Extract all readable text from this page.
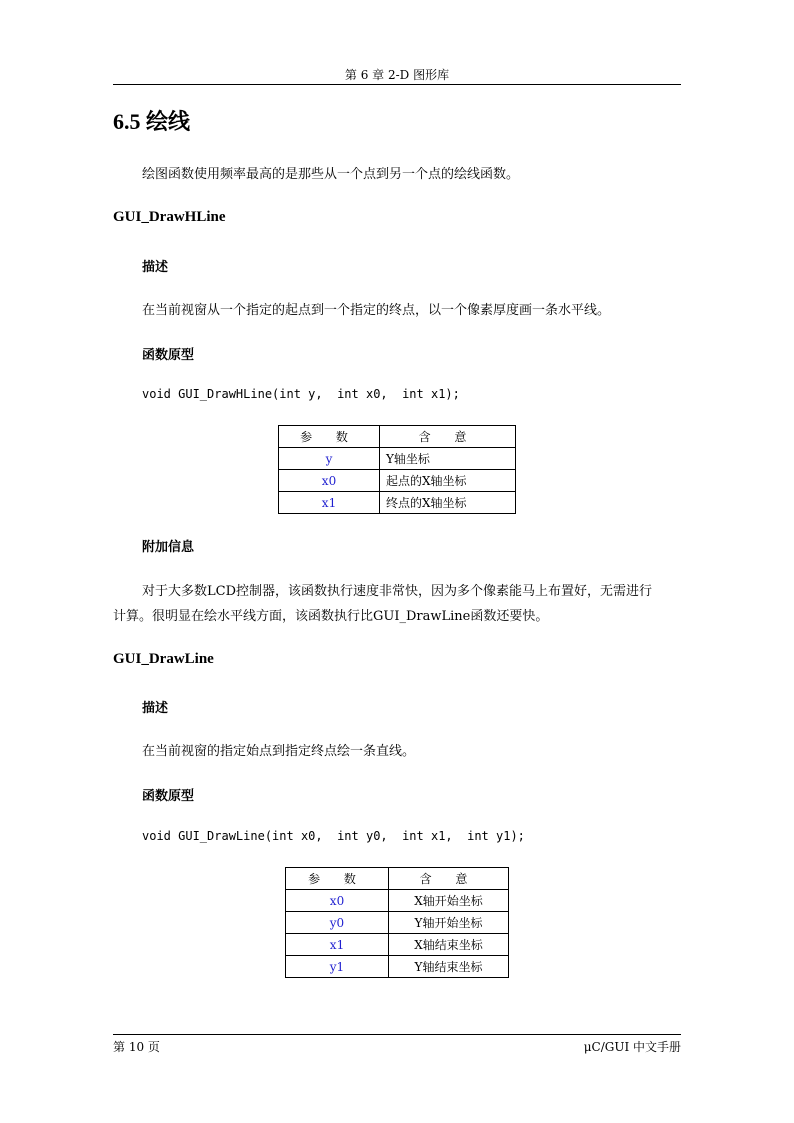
第 6 章 2-D 图形库
6.5 绘线
绘图函数使用频率最高的是那些从一个点到另一个点的绘线函数。
GUI_DrawHLine
描述
在当前视窗从一个指定的起点到一个指定的终点，以一个像素厚度画一条水平线。
函数原型
void GUI_DrawHLine(int y,  int x0,  int x1);
参 数	含 意
y	Y轴坐标
x0	起点的X轴坐标
x1	终点的X轴坐标
附加信息
对于大多数LCD控制器，该函数执行速度非常快，因为多个像素能马上布置好，无需进行
计算。很明显在绘水平线方面，该函数执行比GUI_DrawLine函数还要快。
GUI_DrawLine
描述
在当前视窗的指定始点到指定终点绘一条直线。
函数原型
void GUI_DrawLine(int x0,  int y0,  int x1,  int y1);
参 数	含 意
x0	X轴开始坐标
y0	Y轴开始坐标
x1	X轴结束坐标
y1	Y轴结束坐标
第 10 页	μC/GUI 中文手册
